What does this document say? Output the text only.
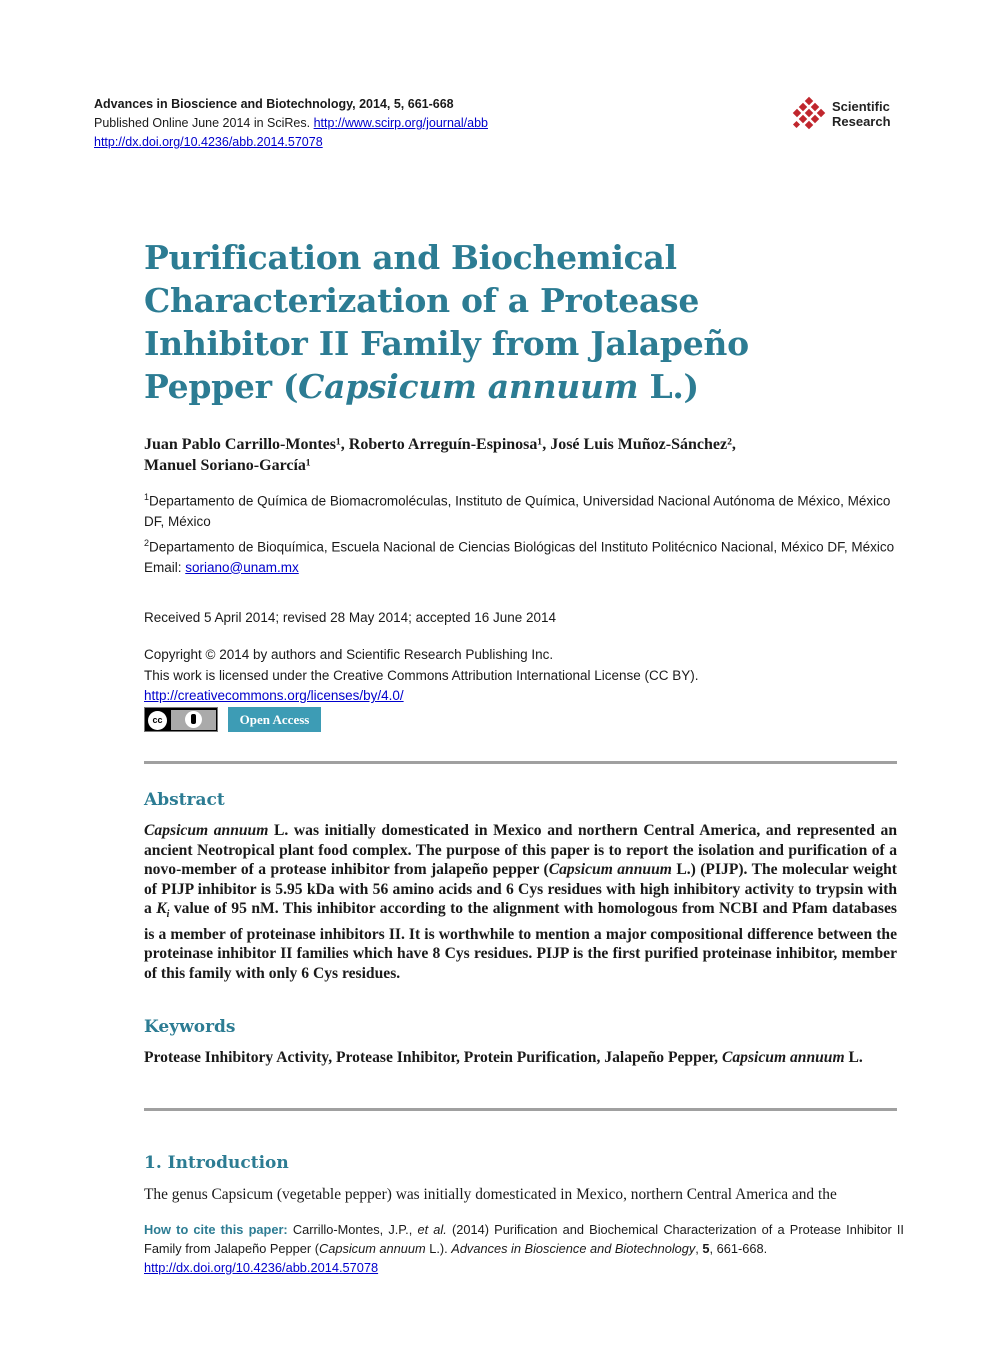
Advances in Bioscience and Biotechnology, 2014, 5, 661-668
Published Online June 2014 in SciRes. http://www.scirp.org/journal/abb
http://dx.doi.org/10.4236/abb.2014.57078
Scientific
Research
Purification and Biochemical Characterization of a Protease Inhibitor II Family from Jalapeño Pepper (Capsicum annuum L.)
Juan Pablo Carrillo-Montes¹, Roberto Arreguín-Espinosa¹, José Luis Muñoz-Sánchez²,
Manuel Soriano-García¹
$^1$Departamento de Química de Biomacromoléculas, Instituto de Química, Universidad Nacional Autónoma de México, México DF, México
$^2$Departamento de Bioquímica, Escuela Nacional de Ciencias Biológicas del Instituto Politécnico Nacional, México DF, México
Email: soriano@unam.mx
Received 5 April 2014; revised 28 May 2014; accepted 16 June 2014
Copyright © 2014 by authors and Scientific Research Publishing Inc.
This work is licensed under the Creative Commons Attribution International License (CC BY).
http://creativecommons.org/licenses/by/4.0/
cc	Open Access
Abstract

Capsicum annuum L. was initially domesticated in Mexico and northern Central America, and represented an ancient Neotropical plant food complex. The purpose of this paper is to report the isolation and purification of a novo-member of a protease inhibitor from jalapeño pepper (Capsicum annuum L.) (PIJP). The molecular weight of PIJP inhibitor is 5.95 kDa with 56 amino acids and 6 Cys residues with high inhibitory activity to trypsin with a $K_i$ value of 95 nM. This inhibitor according to the alignment with homologous from NCBI and Pfam databases is a member of proteinase inhibitors II. It is worthwhile to mention a major compositional difference between the proteinase inhibitor II families which have 8 Cys residues. PIJP is the first purified proteinase inhibitor, member of this family with only 6 Cys residues.

Keywords

Protease Inhibitory Activity, Protease Inhibitor, Protein Purification, Jalapeño Pepper, Capsicum annuum L.

1. Introduction

The genus Capsicum (vegetable pepper) was initially domesticated in Mexico, northern Central America and the

How to cite this paper: Carrillo-Montes, J.P., et al. (2014) Purification and Biochemical Characterization of a Protease Inhibitor II Family from Jalapeño Pepper (Capsicum annuum L.). Advances in Bioscience and Biotechnology, 5, 661-668.
http://dx.doi.org/10.4236/abb.2014.57078
